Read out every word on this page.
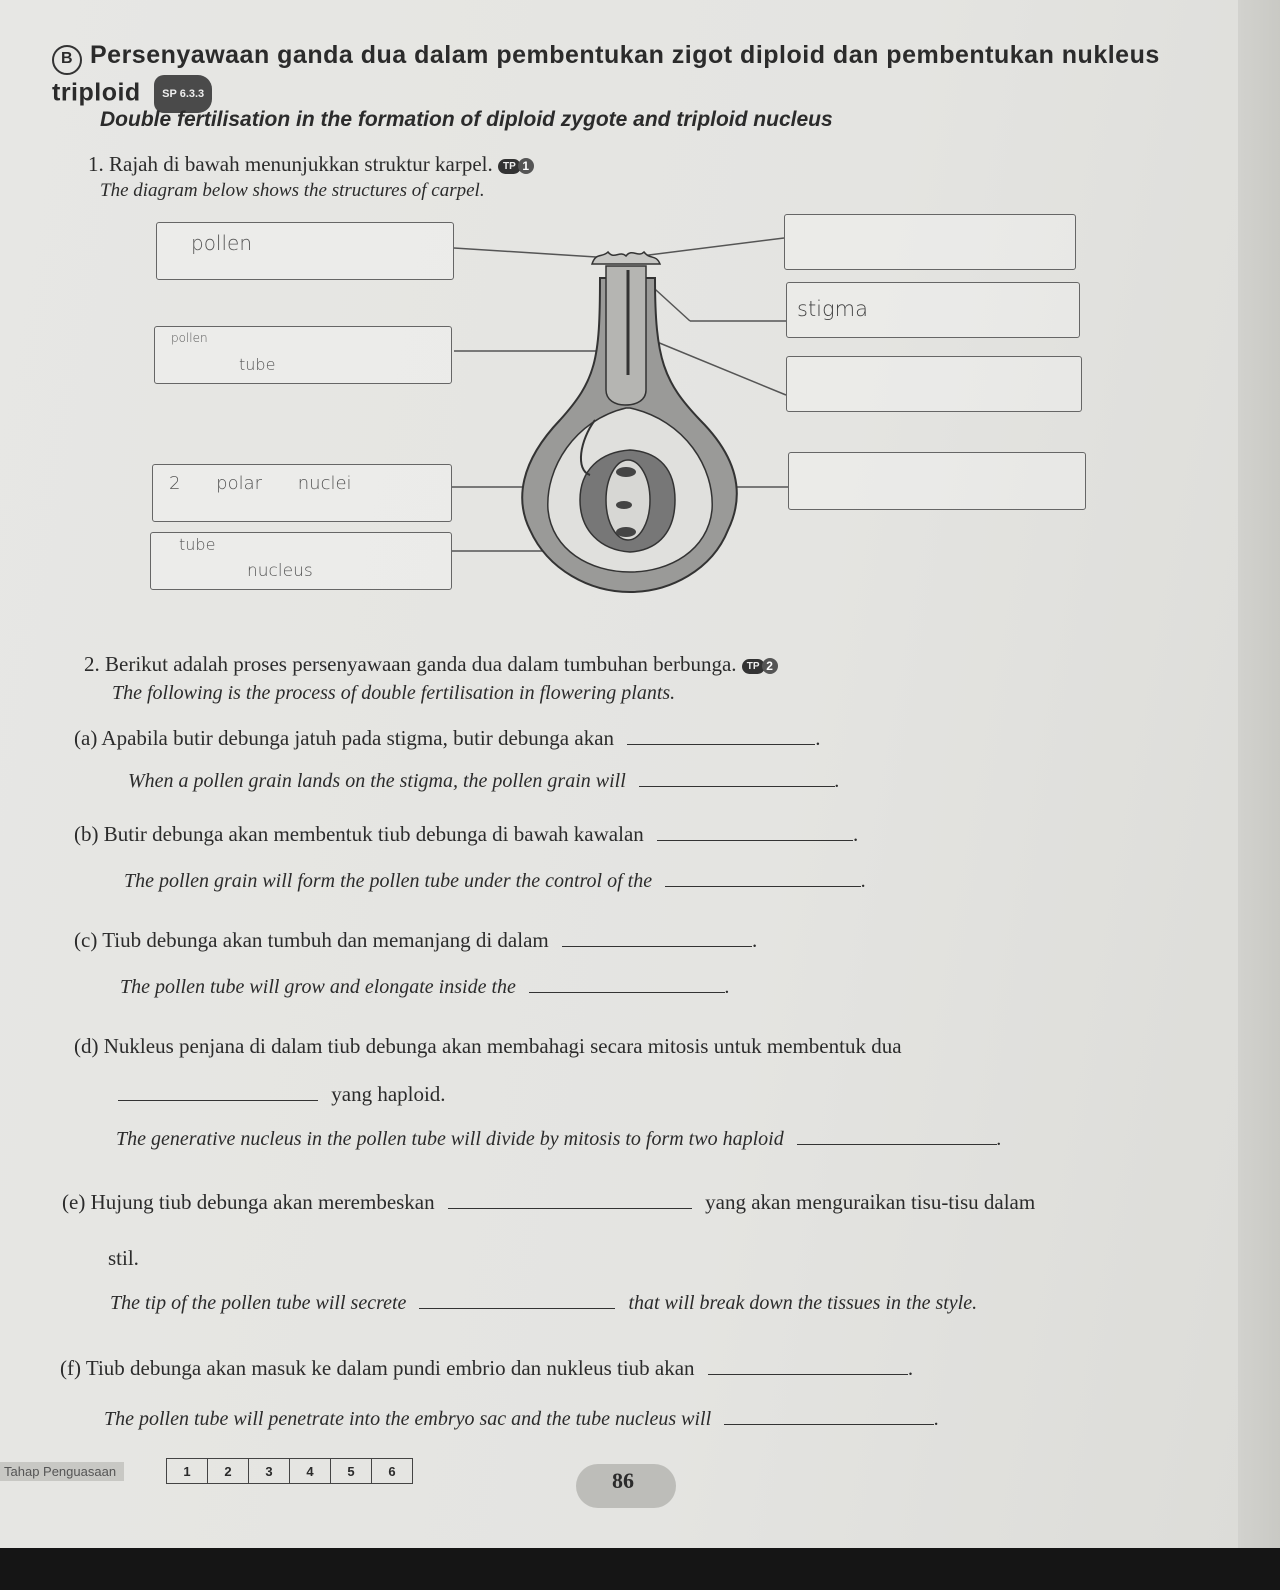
B Persenyawaan ganda dua dalam pembentukan zigot diploid dan pembentukan nukleus triploid SP 6.3.3
Double fertilisation in the formation of diploid zygote and triploid nucleus
1. Rajah di bawah menunjukkan struktur karpel. TP 1
The diagram below shows the structures of carpel.
pollen
pollen
tube
2 polar nuclei
tube
nucleus
stigma
2. Berikut adalah proses persenyawaan ganda dua dalam tumbuhan berbunga. TP 2
The following is the process of double fertilisation in flowering plants.
(a) Apabila butir debunga jatuh pada stigma, butir debunga akan	.
When a pollen grain lands on the stigma, the pollen grain will	.
(b) Butir debunga akan membentuk tiub debunga di bawah kawalan	.
The pollen grain will form the pollen tube under the control of the	.
(c) Tiub debunga akan tumbuh dan memanjang di dalam	.
The pollen tube will grow and elongate inside the	.
(d) Nukleus penjana di dalam tiub debunga akan membahagi secara mitosis untuk membentuk dua
yang haploid.
The generative nucleus in the pollen tube will divide by mitosis to form two haploid	.
(e) Hujung tiub debunga akan merembeskan	yang akan menguraikan tisu-tisu dalam
stil.
The tip of the pollen tube will secrete	that will break down the tissues in the style.
(f) Tiub debunga akan masuk ke dalam pundi embrio dan nukleus tiub akan	.
The pollen tube will penetrate into the embryo sac and the tube nucleus will	.
Tahap Penguasaan	1	2	3	4	5	6	86
